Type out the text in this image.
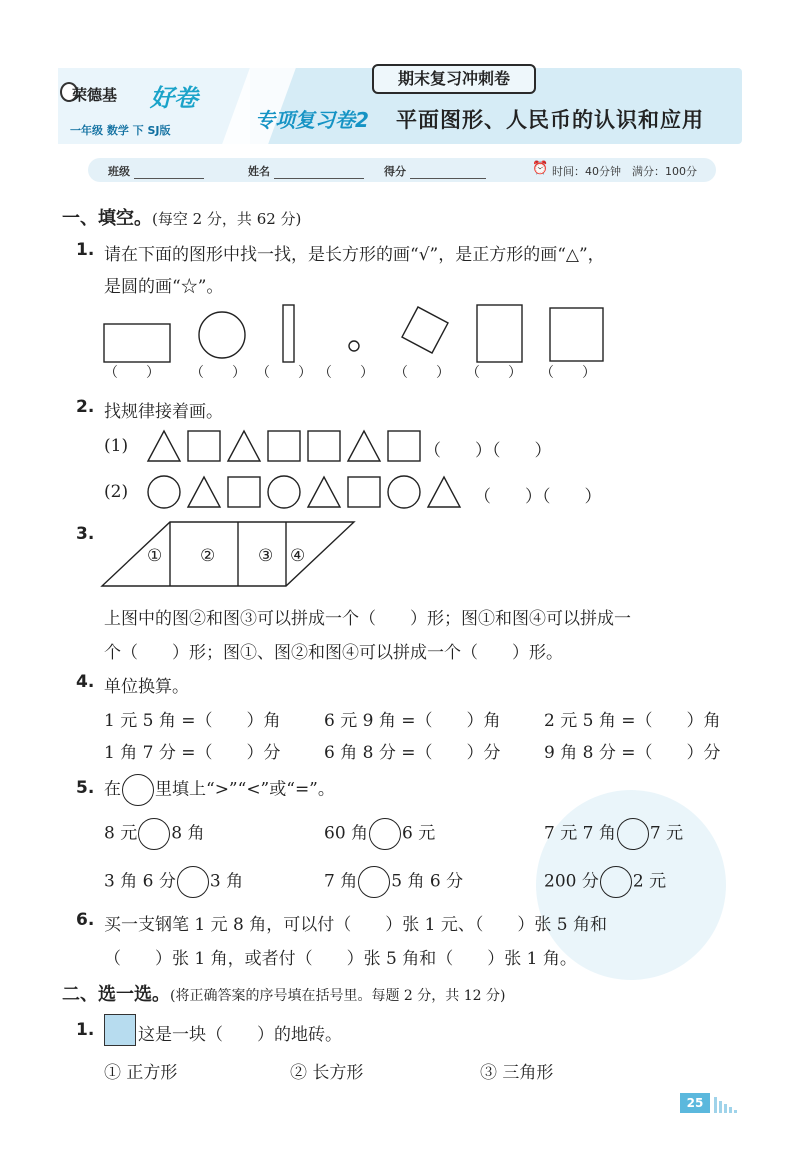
荣德基 好卷
一年级 数学 下 SJ版
期末复习冲刺卷
专项复习卷2 平面图形、人民币的认识和应用
班级	姓名	得分	⏰ 时间：40分钟 满分：100分
一、填空。(每空 2 分，共 62 分)
1. 请在下面的图形中找一找，是长方形的画“√”，是正方形的画“△”，
是圆的画“☆”。
（　　） （　　） （　　） （　　） （　　） （　　） （　　）
2. 找规律接着画。
(1)	（　　）（　　）
(2)	（　　）（　　）
3.
① ②	③ ④
上图中的图②和图③可以拼成一个（　　）形；图①和图④可以拼成一
个（　　）形；图①、图②和图④可以拼成一个（　　）形。
4. 单位换算。
1 元 5 角 =（　　）角	6 元 9 角 =（　　）角	2 元 5 角 =（　　）角
1 角 7 分 =（　　）分	6 角 8 分 =（　　）分	9 角 8 分 =（　　）分
5. 在 里填上“>”“<”或“=”。
8 元 8 角	60 角 6 元	7 元 7 角 7 元
3 角 6 分 3 角	7 角 5 角 6 分	200 分 2 元
6. 买一支钢笔 1 元 8 角，可以付（　　）张 1 元、（　　）张 5 角和
（　　）张 1 角，或者付（　　）张 5 角和（　　）张 1 角。
二、选一选。(将正确答案的序号填在括号里。每题 2 分，共 12 分)
1.	这是一块（　　）的地砖。
① 正方形	② 长方形	③ 三角形
25
